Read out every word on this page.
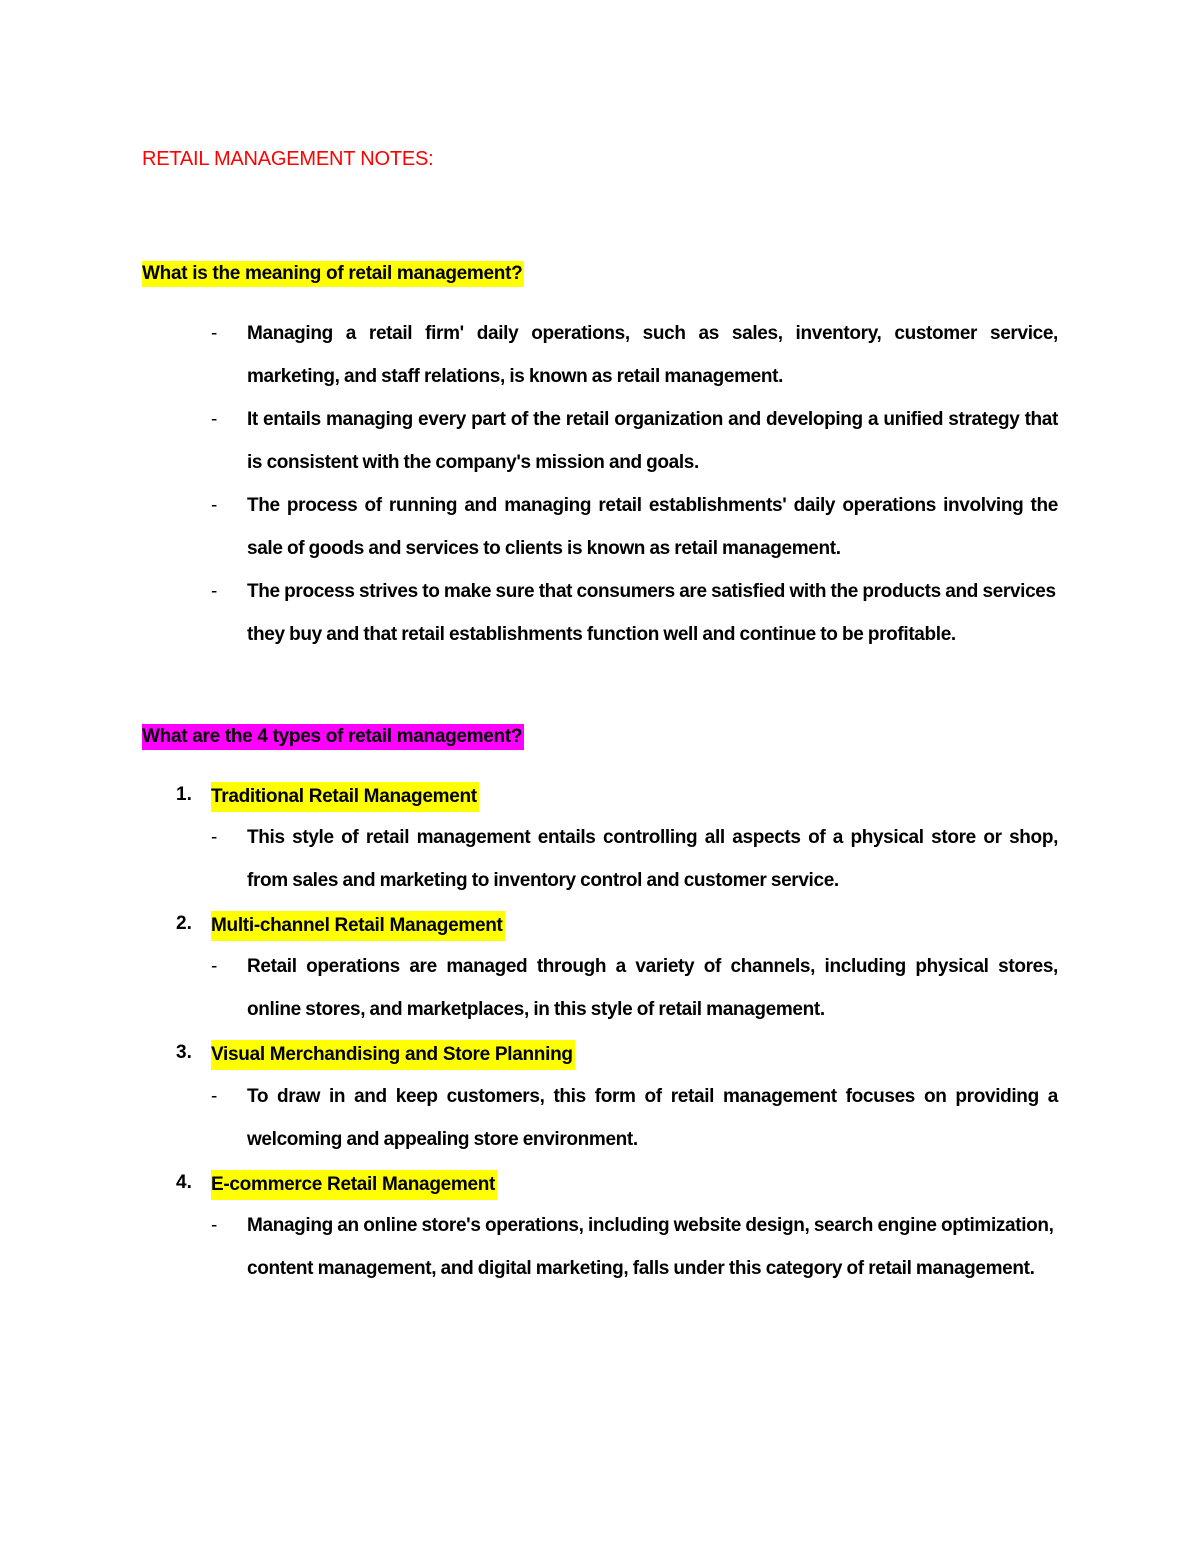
RETAIL MANAGEMENT NOTES:
What is the meaning of retail management?
- Managing a retail firm' daily operations, such as sales, inventory, customer service, marketing, and staff relations, is known as retail management.
- It entails managing every part of the retail organization and developing a unified strategy that is consistent with the company's mission and goals.
- The process of running and managing retail establishments' daily operations involving the sale of goods and services to clients is known as retail management.
- The process strives to make sure that consumers are satisfied with the products and services they buy and that retail establishments function well and continue to be profitable.
What are the 4 types of retail management?
1. Traditional Retail Management
- This style of retail management entails controlling all aspects of a physical store or shop, from sales and marketing to inventory control and customer service.
2. Multi-channel Retail Management
- Retail operations are managed through a variety of channels, including physical stores, online stores, and marketplaces, in this style of retail management.
3. Visual Merchandising and Store Planning
- To draw in and keep customers, this form of retail management focuses on providing a welcoming and appealing store environment.
4. E-commerce Retail Management
- Managing an online store's operations, including website design, search engine optimization, content management, and digital marketing, falls under this category of retail management.
